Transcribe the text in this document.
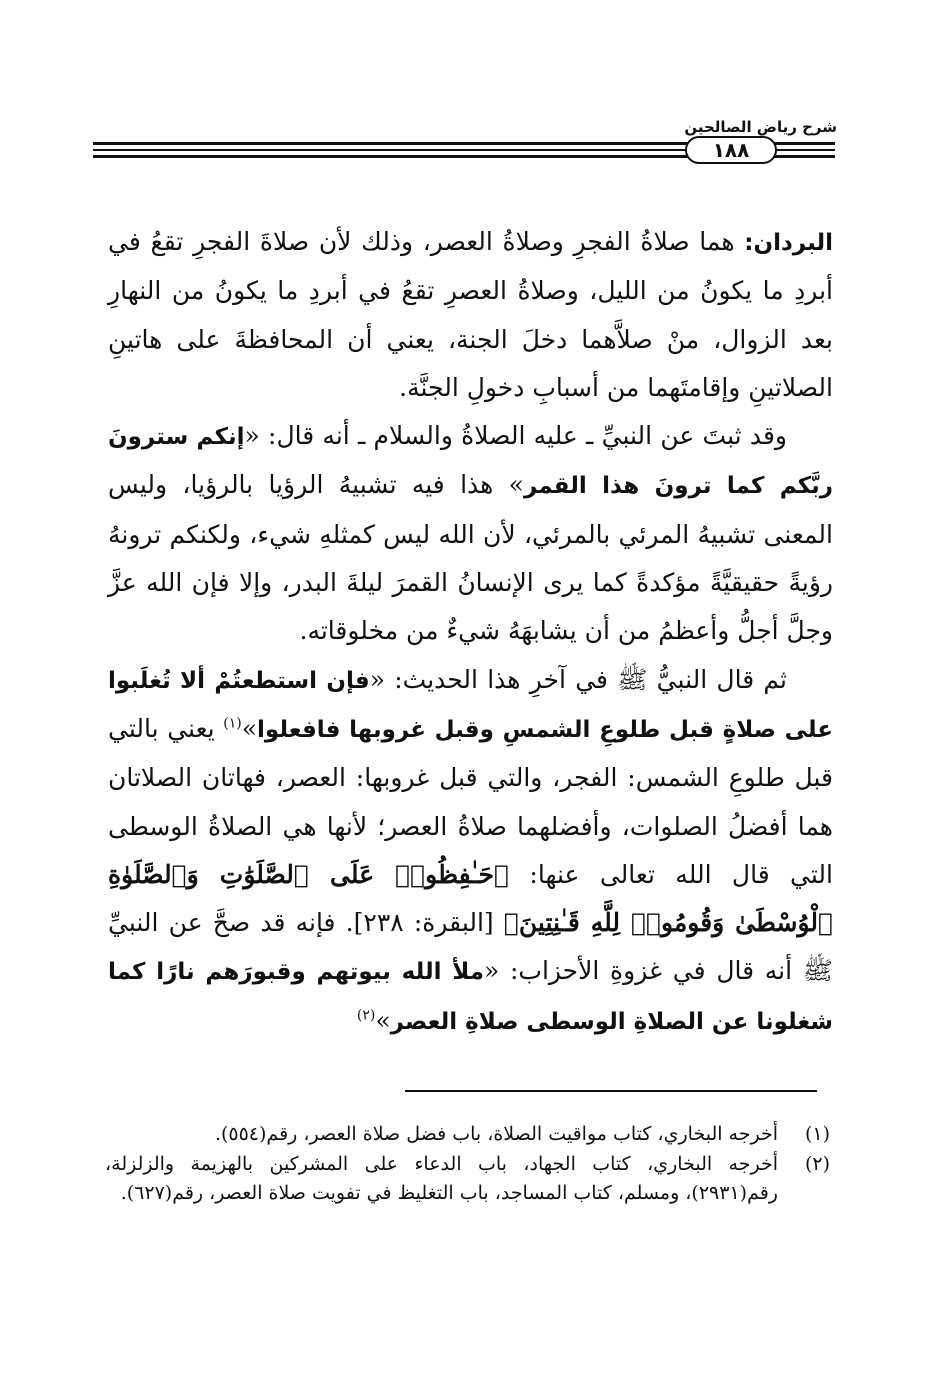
شرح رياض الصالحين
١٨٨

البردان: هما صلاةُ الفجرِ وصلاةُ العصر، وذلك لأن صلاةَ الفجرِ تقعُ في أبردِ ما يكونُ من الليل، وصلاةُ العصرِ تقعُ في أبردِ ما يكونُ من النهارِ بعد الزوال، منْ صلاَّهما دخلَ الجنة، يعني أن المحافظةَ على هاتينِ الصلاتينِ وإقامتَهما من أسبابِ دخولِ الجنَّة.

وقد ثبتَ عن النبيِّ ـ عليه الصلاةُ والسلام ـ أنه قال: «إنكم سترونَ ربَّكم كما ترونَ هذا القمر» هذا فيه تشبيهُ الرؤيا بالرؤيا، وليس المعنى تشبيهُ المرئي بالمرئي، لأن الله ليس كمثلهِ شيء، ولكنكم ترونهُ رؤيةً حقيقيَّةً مؤكدةً كما يرى الإنسانُ القمرَ ليلةَ البدر، وإلا فإن الله عزَّ وجلَّ أجلُّ وأعظمُ من أن يشابهَهُ شيءٌ من مخلوقاته.

ثم قال النبيُّ ﷺ في آخرِ هذا الحديث: «فإن استطعتُمْ ألا تُغلَبوا على صلاةٍ قبل طلوعِ الشمسِ وقبل غروبها فافعلوا»$^{(١)}$ يعني بالتي قبل طلوعِ الشمس: الفجر، والتي قبل غروبها: العصر، فهاتان الصلاتان هما أفضلُ الصلوات، وأفضلهما صلاةُ العصر؛ لأنها هي الصلاةُ الوسطى التي قال الله تعالى عنها: ﴿حَـٰفِظُوا۟ عَلَى ٱلصَّلَوَٰتِ وَٱلصَّلَوٰةِ ٱلْوُسْطَىٰ وَقُومُوا۟ لِلَّهِ قَـٰنِتِينَ﴾ [البقرة: ٢٣٨]. فإنه قد صحَّ عن النبيِّ ﷺ أنه قال في غزوةِ الأحزاب: «ملأ الله بيوتهم وقبورَهم نارًا كما شغلونا عن الصلاةِ الوسطى صلاةِ العصر»$^{(٢)}$

(١)
أخرجه البخاري، كتاب مواقيت الصلاة، باب فضل صلاة العصر، رقم(٥٥٤).
(٢)
أخرجه البخاري، كتاب الجهاد، باب الدعاء على المشركين بالهزيمة والزلزلة، رقم(٢٩٣١)، ومسلم، كتاب المساجد، باب التغليظ في تفويت صلاة العصر، رقم(٦٢٧).
